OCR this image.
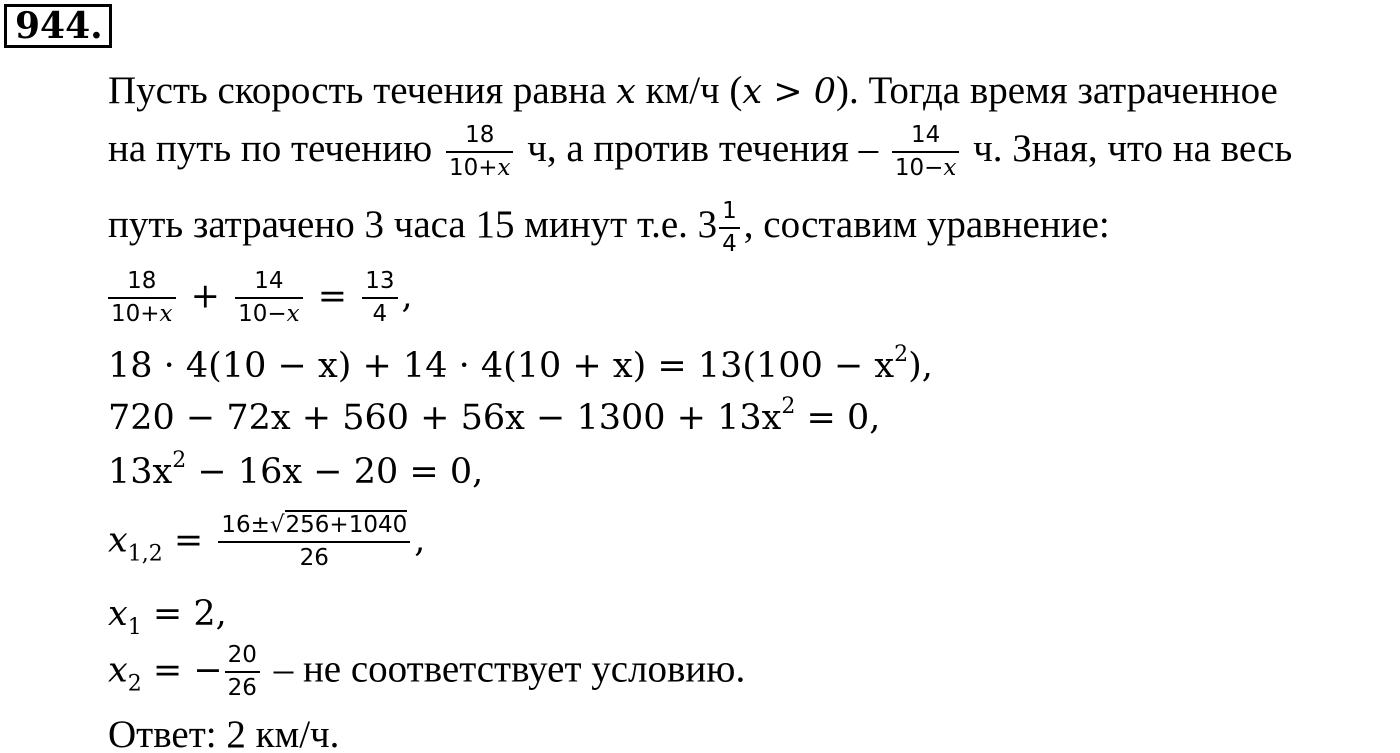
944.
Пусть скорость течения равна x км/ч (x > 0). Тогда время затраченное
на путь по течению $\frac{18}{10+x} ч$, а против течения – $\frac{14}{10-x} ч$. Зная, что на весь
путь затрачено 3 часа 15 минут т.е. $3 \frac{1}{4}$ , составим уравнение:
$\frac{18}{10+x} + \frac{14}{10-x} = \frac{13}{4}$ ,
$18 \cdot 4(10 - x) + 14 \cdot 4(10 + x) = 13(100 - x^2)$,
$720 - 72x + 560 + 56x - 1300 + 13x^2 = 0$,
$13x^2 - 16x - 20 = 0$,
$x_{1,2} = \frac{16\pm√256+1040}{26}$ ,
$x_1 = 2$,
$x_2$ = − $\frac{20}{26}$ – не соответствует условию.
Ответ: 2 км/ч.
